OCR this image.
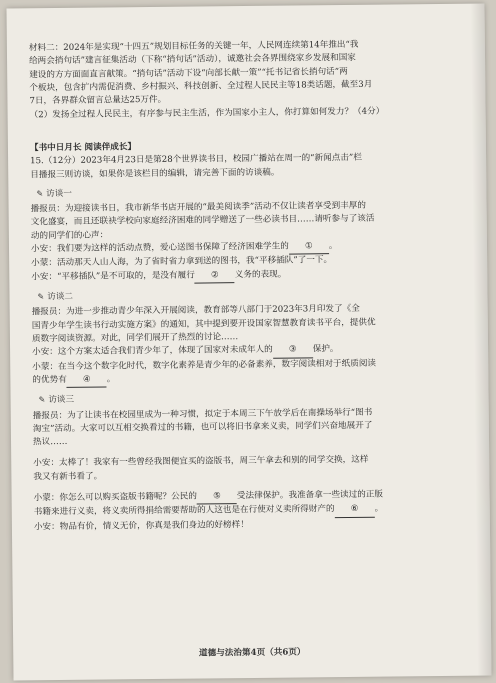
材料二：2024年是实现“十四五”规划目标任务的关键一年，人民网连续第14年推出“我

给两会捎句话”建言征集活动（下称“捎句话”活动），诚邀社会各界围绕家乡发展和国家

建设的方方面面直言献策。“捎句话”活动下设“向部长献一策”“托书记省长捎句话”两

个板块，包含扩内需促消费、乡村振兴、科技创新、全过程人民民主等18类话题，截至3月

7日，各界群众留言总量达25万件。

（2）发扬全过程人民民主，有序参与民主生活，作为国家小主人，你打算如何发力？（4分）

【书中日月长 阅读伴成长】

15.（12分）2023年4月23日是第28个世界读书日，校园广播站在周一的“新闻点击”栏

目播报三则访谈，如果你是该栏目的编辑，请完善下面的访谈稿。

✎ 访谈一

播报员：为迎接读书日，我市新华书店开展的“最美阅读季”活动不仅让读者享受到丰厚的

文化盛宴，而且还联袂学校向家庭经济困难的同学赠送了一些必读书目……请听参与了该活

动的同学们的心声：

小安：我们要为这样的活动点赞，爱心送图书保障了经济困难学生的 ① 。

小蒙：活动那天人山人海，为了省时省力拿到送的图书，我“平移插队”了一下。

小安：“平移插队”是不可取的，是没有履行 ② 义务的表现。

✎ 访谈二

播报员：为进一步推动青少年深入开展阅读，教育部等八部门于2023年3月印发了《全

国青少年学生读书行动实施方案》的通知，其中提到要开设国家智慧教育读书平台，提供优

质数字阅读资源。对此，同学们展开了热烈的讨论……

小安：这个方案太适合我们青少年了，体现了国家对未成年人的 ③ 保护。

小蒙：在当今这个数字化时代，数字化素养是青少年的必备素养，数字阅读相对于纸质阅读

的优势有 ④ 。

✎ 访谈三

播报员：为了让读书在校园里成为一种习惯，拟定于本周三下午放学后在南操场举行“图书

淘宝”活动。大家可以互相交换看过的书籍，也可以将旧书拿来义卖，同学们兴奋地展开了

热议……

小安：太棒了！我家有一些曾经我图便宜买的盗版书，周三午拿去和别的同学交换，这样

我又有新书看了。

小蒙：你怎么可以购买盗版书籍呢？公民的 ⑤ 受法律保护。我准备拿一些读过的正版

书籍来进行义卖，将义卖所得捐给需要帮助的人这也是在行使对义卖所得财产的 ⑥ 。

小安：物品有价，情义无价，你真是我们身边的好榜样！

道德与法治第4页（共6页）
